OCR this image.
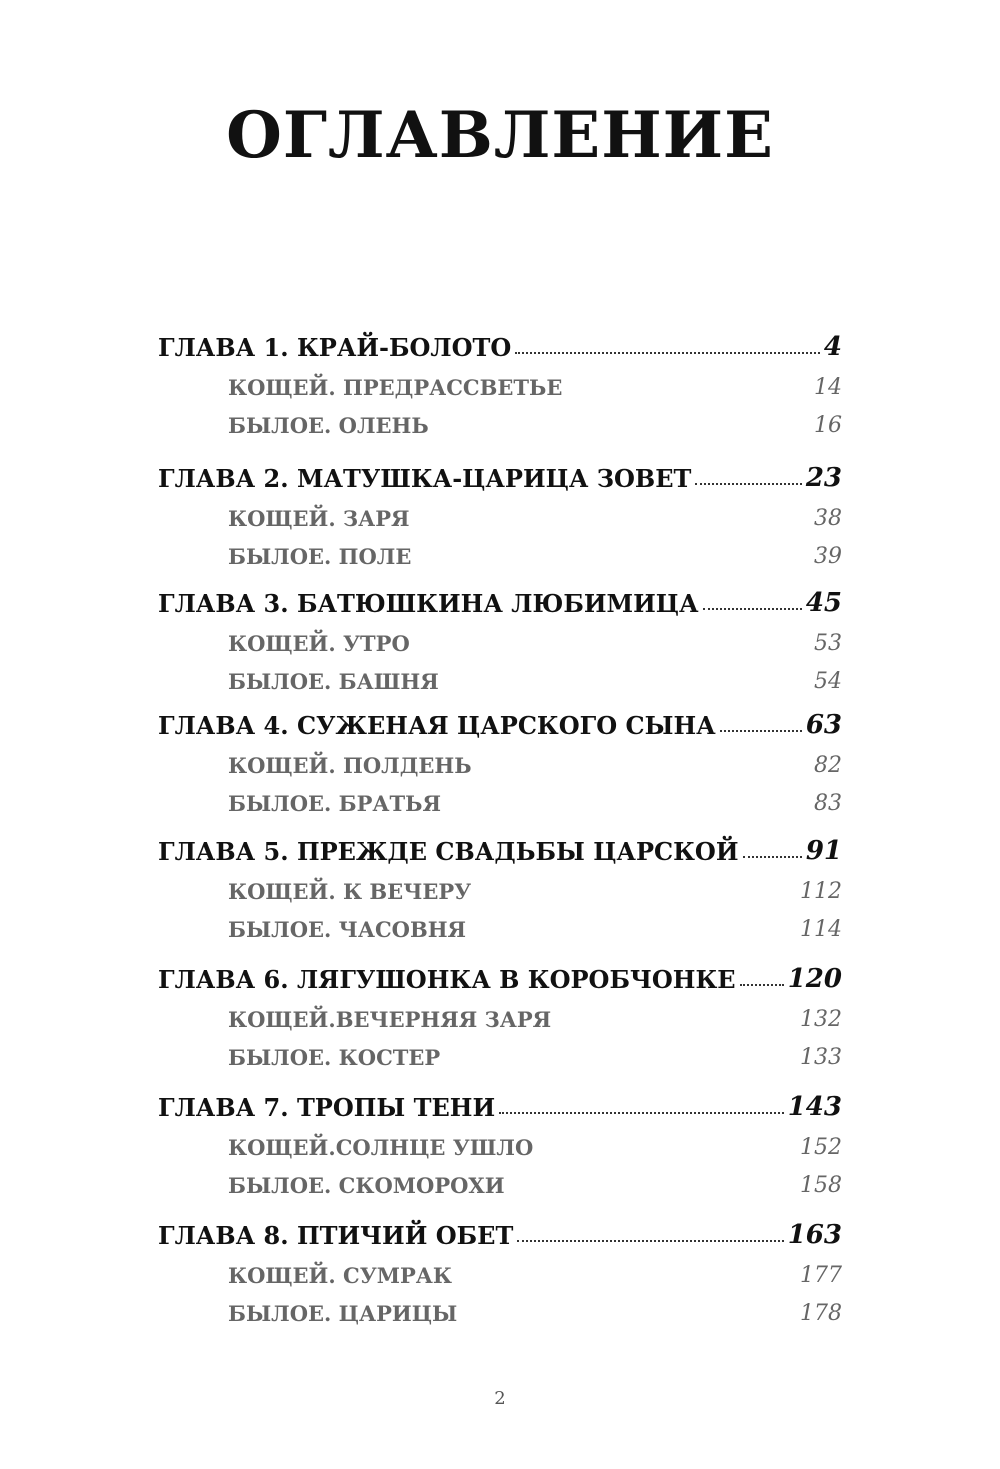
ОГЛАВЛЕНИЕ
ГЛАВА 1. КРАЙ-БОЛОТО	4
КОЩЕЙ. ПРЕДРАССВЕТЬЕ	14
БЫЛОЕ. ОЛЕНЬ	16
ГЛАВА 2. МАТУШКА-ЦАРИЦА ЗОВЕТ	23
КОЩЕЙ. ЗАРЯ	38
БЫЛОЕ. ПОЛЕ	39
ГЛАВА 3. БАТЮШКИНА ЛЮБИМИЦА	45
КОЩЕЙ. УТРО	53
БЫЛОЕ. БАШНЯ	54
ГЛАВА 4. СУЖЕНАЯ ЦАРСКОГО СЫНА	63
КОЩЕЙ. ПОЛДЕНЬ	82
БЫЛОЕ. БРАТЬЯ	83
ГЛАВА 5. ПРЕЖДЕ СВАДЬБЫ ЦАРСКОЙ	91
КОЩЕЙ. К ВЕЧЕРУ	112
БЫЛОЕ. ЧАСОВНЯ	114
ГЛАВА 6. ЛЯГУШОНКА В КОРОБЧОНКЕ 120
КОЩЕЙ.ВЕЧЕРНЯЯ ЗАРЯ	132
БЫЛОЕ. КОСТЕР	133
ГЛАВА 7. ТРОПЫ ТЕНИ	143
КОЩЕЙ.СОЛНЦЕ УШЛО	152
БЫЛОЕ. СКОМОРОХИ	158
ГЛАВА 8. ПТИЧИЙ ОБЕТ	163
КОЩЕЙ. СУМРАК	177
БЫЛОЕ. ЦАРИЦЫ	178
2
